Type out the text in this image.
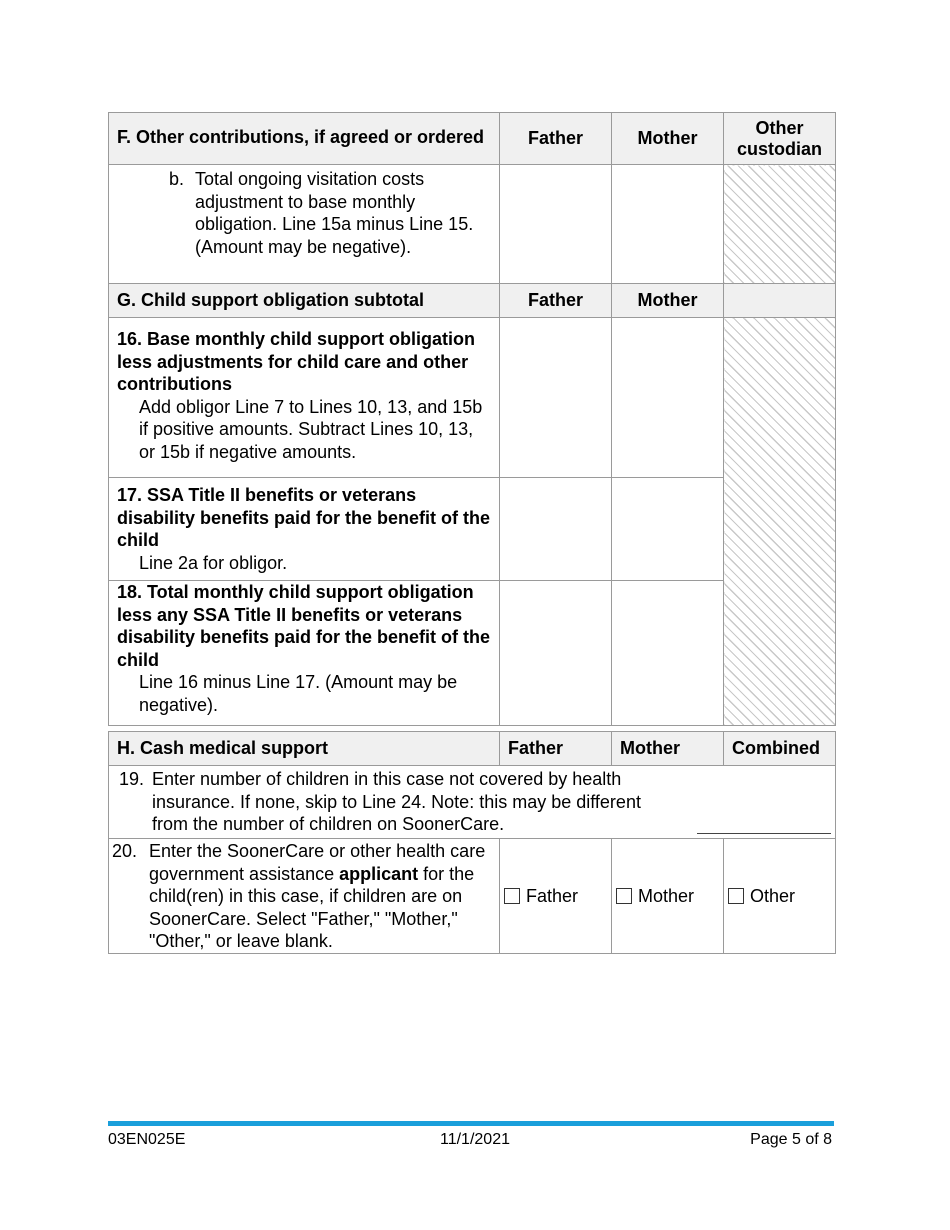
F. Other contributions, if agreed or ordered	Father	Mother	Other custodian

b. Total ongoing visitation costs adjustment to base monthly obligation. Line 15a minus Line 15. (Amount may be negative).			

G. Child support obligation subtotal	Father	Mother	

16. Base monthly child support obligation less adjustments for child care and other contributions
Add obligor Line 7 to Lines 10, 13, and 15b if positive amounts. Subtract Lines 10, 13, or 15b if negative amounts.			

17. SSA Title II benefits or veterans disability benefits paid for the benefit of the child
Line 2a for obligor.			

18. Total monthly child support obligation less any SSA Title II benefits or veterans disability benefits paid for the benefit of the child
Line 16 minus Line 17. (Amount may be negative).			

H. Cash medical support	Father	Mother	Combined

19. Enter number of children in this case not covered by health insurance. If none, skip to Line 24. Note: this may be different from the number of children on SoonerCare.			

20. Enter the SoonerCare or other health care government assistance applicant for the child(ren) in this case, if children are on SoonerCare. Select "Father," "Mother," "Other," or leave blank.	Father	Mother	Other
03EN025E	11/1/2021	Page 5 of 8
